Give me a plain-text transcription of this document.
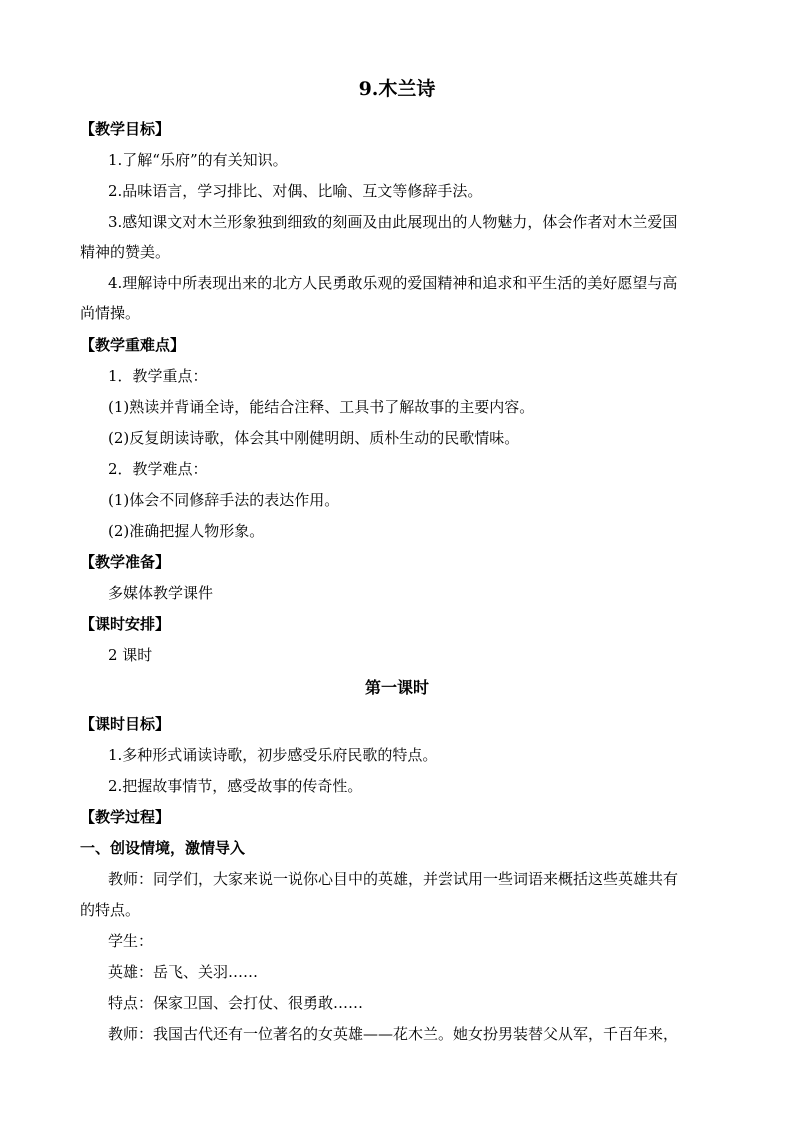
9.木兰诗
【教学目标】
1.了解“乐府”的有关知识。
2.品味语言，学习排比、对偶、比喻、互文等修辞手法。
3.感知课文对木兰形象独到细致的刻画及由此展现出的人物魅力，体会作者对木兰爱国
精神的赞美。
4.理解诗中所表现出来的北方人民勇敢乐观的爱国精神和追求和平生活的美好愿望与高
尚情操。
【教学重难点】
1．教学重点：
(1)熟读并背诵全诗，能结合注释、工具书了解故事的主要内容。
(2)反复朗读诗歌，体会其中刚健明朗、质朴生动的民歌情味。
2．教学难点：
(1)体会不同修辞手法的表达作用。
(2)准确把握人物形象。
【教学准备】
多媒体教学课件
【课时安排】
2 课时
第一课时
【课时目标】
1.多种形式诵读诗歌，初步感受乐府民歌的特点。
2.把握故事情节，感受故事的传奇性。
【教学过程】
一、创设情境，激情导入
教师：同学们，大家来说一说你心目中的英雄，并尝试用一些词语来概括这些英雄共有
的特点。
学生：
英雄：岳飞、关羽……
特点：保家卫国、会打仗、很勇敢……
教师：我国古代还有一位著名的女英雄——花木兰。她女扮男装替父从军，千百年来，
